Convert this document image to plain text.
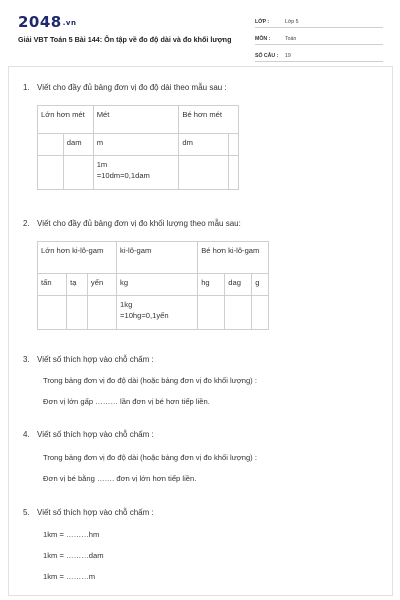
2048.vn
Giải VBT Toán 5 Bài 144: Ôn tập về đo độ dài và đo khối lượng
LỚP :	Lớp 5
MÔN :	Toán
SỐ CÂU :	19
1. Viết cho đầy đủ bảng đơn vị đo độ dài theo mẫu sau :
Lớn hơn mét		Mét	Bé hơn mét	
	dam	m	dm	

		1m
=10dm=0,1dam		

2. Viết cho đầy đủ bảng đơn vị đo khối lượng theo mẫu sau:
Lớn hơn ki-lô-gam			ki-lô-gam	Bé hơn ki-lô-gam		
tấn	tạ	yến	kg	hg	dag	g

			1kg
=10hg=0,1yến			

3. Viết số thích hợp vào chỗ chấm :
Trong bảng đơn vị đo độ dài (hoặc bảng đơn vị đo khối lượng) :
Đơn vị lớn gấp ……… lần đơn vị bé hơn tiếp liền.
4. Viết số thích hợp vào chỗ chấm :
Trong bảng đơn vị đo độ dài (hoặc bảng đơn vị đo khối lượng) :
Đơn vị bé bằng ……. đơn vị lớn hơn tiếp liền.
5. Viết số thích hợp vào chỗ chấm :
1km = ………hm
1km = ………dam
1km = ………m
